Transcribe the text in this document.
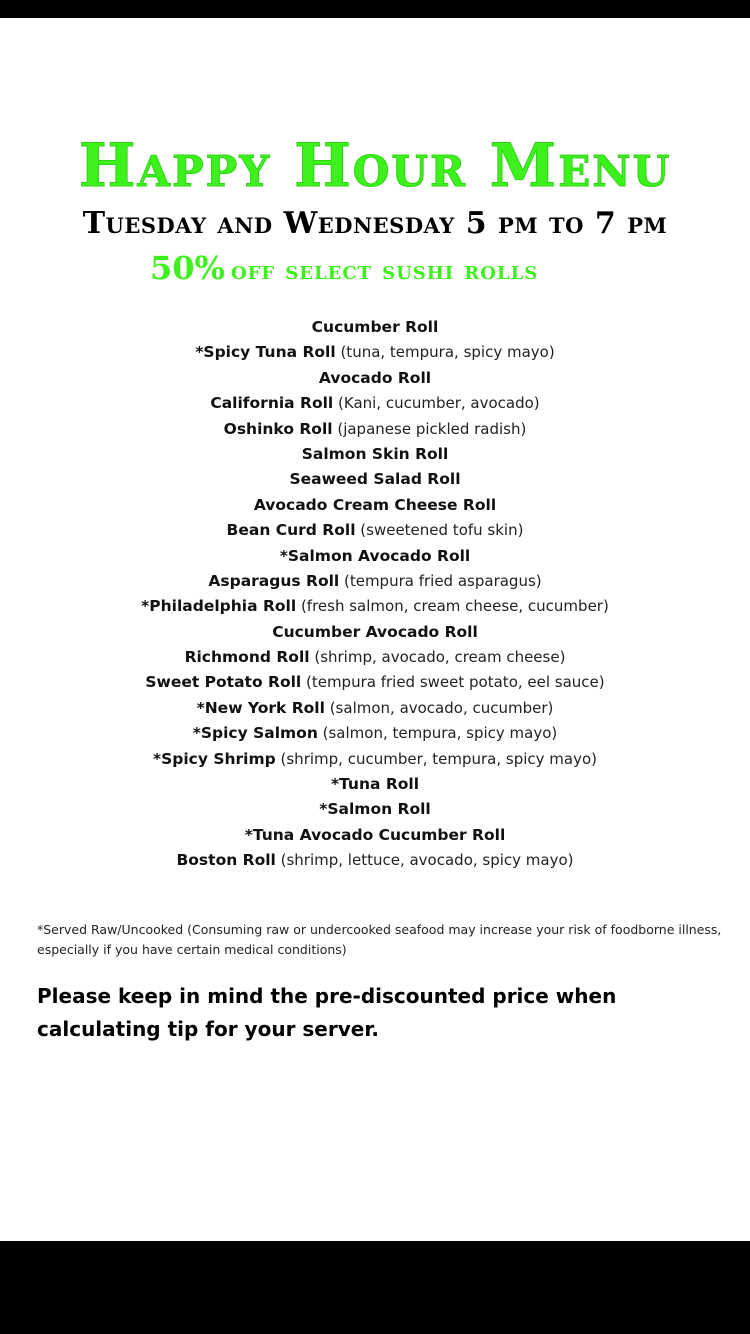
Happy Hour Menu
Tuesday and Wednesday 5 pm to 7 pm
50% off select sushi rolls
Cucumber Roll
*Spicy Tuna Roll (tuna, tempura, spicy mayo)
Avocado Roll
California Roll (Kani, cucumber, avocado)
Oshinko Roll (japanese pickled radish)
Salmon Skin Roll
Seaweed Salad Roll
Avocado Cream Cheese Roll
Bean Curd Roll (sweetened tofu skin)
*Salmon Avocado Roll
Asparagus Roll (tempura fried asparagus)
*Philadelphia Roll (fresh salmon, cream cheese, cucumber)
Cucumber Avocado Roll
Richmond Roll (shrimp, avocado, cream cheese)
Sweet Potato Roll (tempura fried sweet potato, eel sauce)
*New York Roll (salmon, avocado, cucumber)
*Spicy Salmon (salmon, tempura, spicy mayo)
*Spicy Shrimp (shrimp, cucumber, tempura, spicy mayo)
*Tuna Roll
*Salmon Roll
*Tuna Avocado Cucumber Roll
Boston Roll (shrimp, lettuce, avocado, spicy mayo)

*Served Raw/Uncooked (Consuming raw or undercooked seafood may increase your risk of foodborne illness, especially if you have certain medical conditions)

Please keep in mind the pre-discounted price when calculating tip for your server.
